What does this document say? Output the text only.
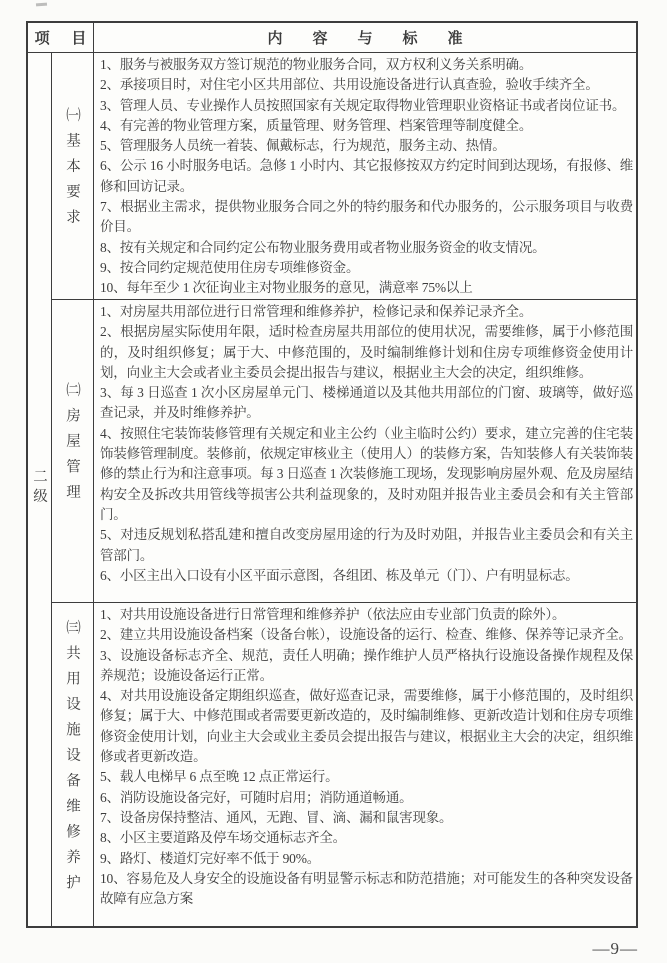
项 目	内容与标准
二级
㈠基本要求
1、服务与被服务双方签订规范的物业服务合同，双方权利义务关系明确。
2、承接项目时，对住宅小区共用部位、共用设施设备进行认真查验，验收手续齐全。
3、管理人员、专业操作人员按照国家有关规定取得物业管理职业资格证书或者岗位证书。
4、有完善的物业管理方案，质量管理、财务管理、档案管理等制度健全。
5、管理服务人员统一着装、佩戴标志，行为规范，服务主动、热情。
6、公示 16 小时服务电话。急修 1 小时内、其它报修按双方约定时间到达现场，有报修、维修和回访记录。
7、根据业主需求，提供物业服务合同之外的特约服务和代办服务的，公示服务项目与收费价目。
8、按有关规定和合同约定公布物业服务费用或者物业服务资金的收支情况。
9、按合同约定规范使用住房专项维修资金。
10、每年至少 1 次征询业主对物业服务的意见，满意率 75%以上
㈡房屋管理
1、对房屋共用部位进行日常管理和维修养护，检修记录和保养记录齐全。
2、根据房屋实际使用年限，适时检查房屋共用部位的使用状况，需要维修，属于小修范围的，及时组织修复；属于大、中修范围的，及时编制维修计划和住房专项维修资金使用计划，向业主大会或者业主委员会提出报告与建议，根据业主大会的决定，组织维修。
3、每 3 日巡查 1 次小区房屋单元门、楼梯通道以及其他共用部位的门窗、玻璃等，做好巡查记录，并及时维修养护。
4、按照住宅装饰装修管理有关规定和业主公约（业主临时公约）要求，建立完善的住宅装饰装修管理制度。装修前，依规定审核业主（使用人）的装修方案，告知装修人有关装饰装修的禁止行为和注意事项。每 3 日巡查 1 次装修施工现场，发现影响房屋外观、危及房屋结构安全及拆改共用管线等损害公共利益现象的，及时劝阻并报告业主委员会和有关主管部门。
5、对违反规划私搭乱建和擅自改变房屋用途的行为及时劝阻，并报告业主委员会和有关主管部门。
6、小区主出入口设有小区平面示意图，各组团、栋及单元（门）、户有明显标志。
㈢共用设施设备维修养护
1、对共用设施设备进行日常管理和维修养护（依法应由专业部门负责的除外）。
2、建立共用设施设备档案（设备台帐），设施设备的运行、检查、维修、保养等记录齐全。
3、设施设备标志齐全、规范，责任人明确；操作维护人员严格执行设施设备操作规程及保养规范；设施设备运行正常。
4、对共用设施设备定期组织巡查，做好巡查记录，需要维修，属于小修范围的，及时组织修复；属于大、中修范围或者需要更新改造的，及时编制维修、更新改造计划和住房专项维修资金使用计划，向业主大会或业主委员会提出报告与建议，根据业主大会的决定，组织维修或者更新改造。
5、载人电梯早 6 点至晚 12 点正常运行。
6、消防设施设备完好，可随时启用；消防通道畅通。
7、设备房保持整洁、通风，无跑、冒、滴、漏和鼠害现象。
8、小区主要道路及停车场交通标志齐全。
9、路灯、楼道灯完好率不低于 90%。
10、容易危及人身安全的设施设备有明显警示标志和防范措施；对可能发生的各种突发设备故障有应急方案
—9—
